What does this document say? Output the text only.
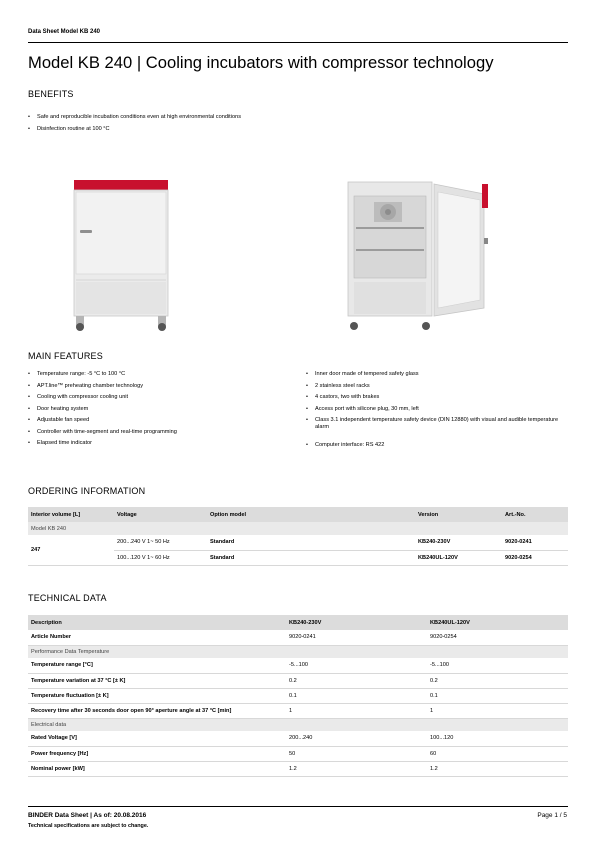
Data Sheet Model KB 240
Model KB 240 | Cooling incubators with compressor technology
BENEFITS
• Safe and reproducible incubation conditions even at high environmental conditions
• Disinfection routine at 100 °C
MAIN FEATURES
• Temperature range: -5 °C to 100 °C
• APT.line™ preheating chamber technology
• Cooling with compressor cooling unit
• Door heating system
• Adjustable fan speed
• Controller with time-segment and real-time programming
• Elapsed time indicator
• Inner door made of tempered safety glass
• 2 stainless steel racks
• 4 castors, two with brakes
• Access port with silicone plug, 30 mm, left
• Class 3.1 independent temperature safety device (DIN 12880) with visual and audible temperature alarm
• Computer interface: RS 422
ORDERING INFORMATION
Interior volume [L]	Voltage	Option model	Version	Art.-No.
Model KB 240				
247	200...240 V 1~ 50 Hz	Standard	KB240-230V	9020-0241
	100...120 V 1~ 60 Hz	Standard	KB240UL-120V	9020-0254
TECHNICAL DATA
Description	KB240-230V	KB240UL-120V
Article Number	9020-0241	9020-0254
Performance Data Temperature		
Temperature range [°C]	-5...100	-5...100
Temperature variation at 37 °C [± K]	0.2	0.2
Temperature fluctuation [± K]	0.1	0.1
Recovery time after 30 seconds door open 90° aperture angle at 37 °C [min]	1	1
Electrical data		
Rated Voltage [V]	200...240	100...120
Power frequency [Hz]	50	60
Nominal power [kW]	1.2	1.2
BINDER Data Sheet | As of: 20.08.2016
Technical specifications are subject to change.
Page 1 / 5
